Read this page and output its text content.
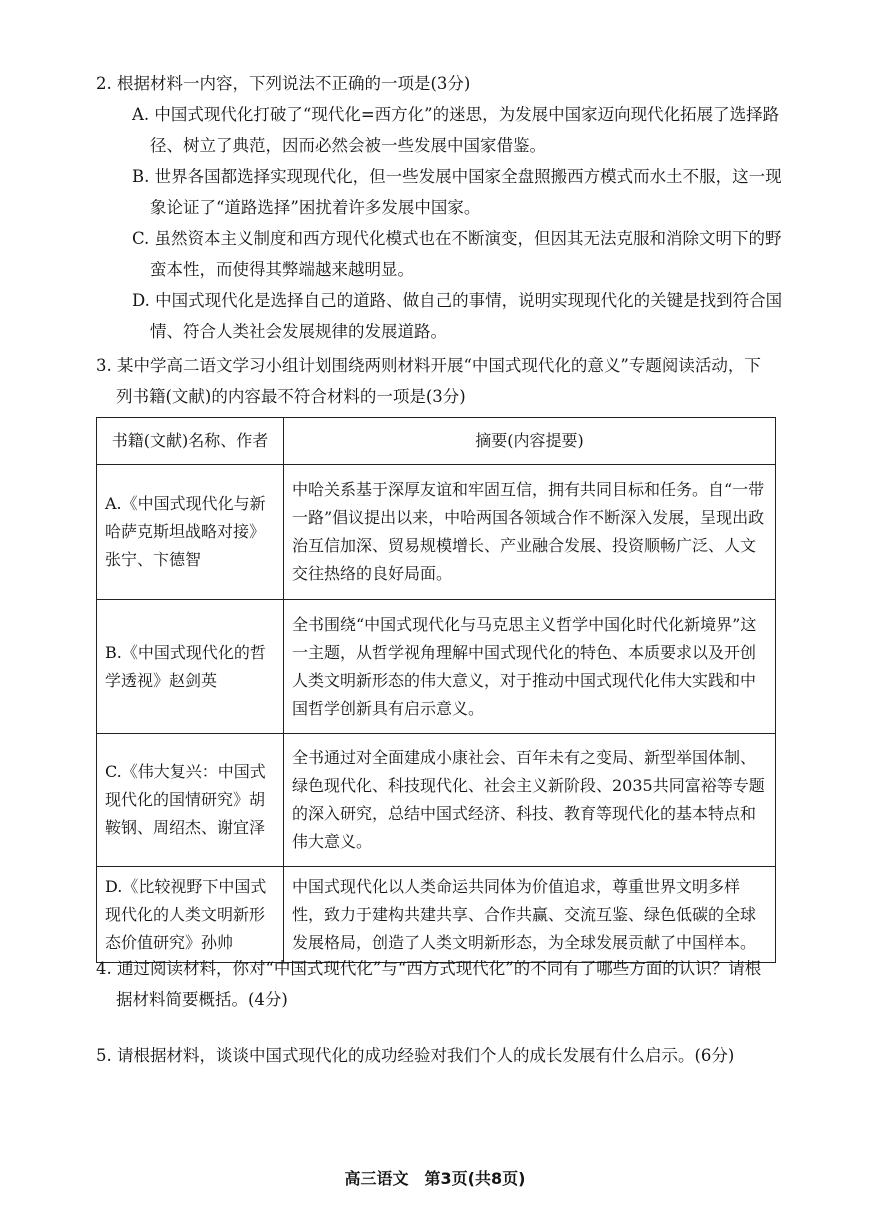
2. 根据材料一内容，下列说法不正确的一项是(3分)
A. 中国式现代化打破了“现代化=西方化”的迷思，为发展中国家迈向现代化拓展了选择路径、树立了典范，因而必然会被一些发展中国家借鉴。
B. 世界各国都选择实现现代化，但一些发展中国家全盘照搬西方模式而水土不服，这一现象论证了“道路选择”困扰着许多发展中国家。
C. 虽然资本主义制度和西方现代化模式也在不断演变，但因其无法克服和消除文明下的野蛮本性，而使得其弊端越来越明显。
D. 中国式现代化是选择自己的道路、做自己的事情，说明实现现代化的关键是找到符合国情、符合人类社会发展规律的发展道路。
3. 某中学高二语文学习小组计划围绕两则材料开展“中国式现代化的意义”专题阅读活动，下
列书籍(文献)的内容最不符合材料的一项是(3分)
书籍(文献)名称、作者	摘要(内容提要)
A.《中国式现代化与新哈萨克斯坦战略对接》张宁、卞德智	中哈关系基于深厚友谊和牢固互信，拥有共同目标和任务。自“一带一路”倡议提出以来，中哈两国各领域合作不断深入发展，呈现出政治互信加深、贸易规模增长、产业融合发展、投资顺畅广泛、人文交往热络的良好局面。
B.《中国式现代化的哲学透视》赵剑英	全书围绕“中国式现代化与马克思主义哲学中国化时代化新境界”这一主题，从哲学视角理解中国式现代化的特色、本质要求以及开创人类文明新形态的伟大意义，对于推动中国式现代化伟大实践和中国哲学创新具有启示意义。
C.《伟大复兴：中国式现代化的国情研究》胡鞍钢、周绍杰、谢宜泽	全书通过对全面建成小康社会、百年未有之变局、新型举国体制、绿色现代化、科技现代化、社会主义新阶段、2035共同富裕等专题的深入研究，总结中国式经济、科技、教育等现代化的基本特点和伟大意义。
D.《比较视野下中国式现代化的人类文明新形态价值研究》孙帅	中国式现代化以人类命运共同体为价值追求，尊重世界文明多样性，致力于建构共建共享、合作共赢、交流互鉴、绿色低碳的全球发展格局，创造了人类文明新形态，为全球发展贡献了中国样本。
4. 通过阅读材料，你对“中国式现代化”与“西方式现代化”的不同有了哪些方面的认识？请根
据材料简要概括。(4分)
5. 请根据材料，谈谈中国式现代化的成功经验对我们个人的成长发展有什么启示。(6分)
高三语文　第3页(共8页)
